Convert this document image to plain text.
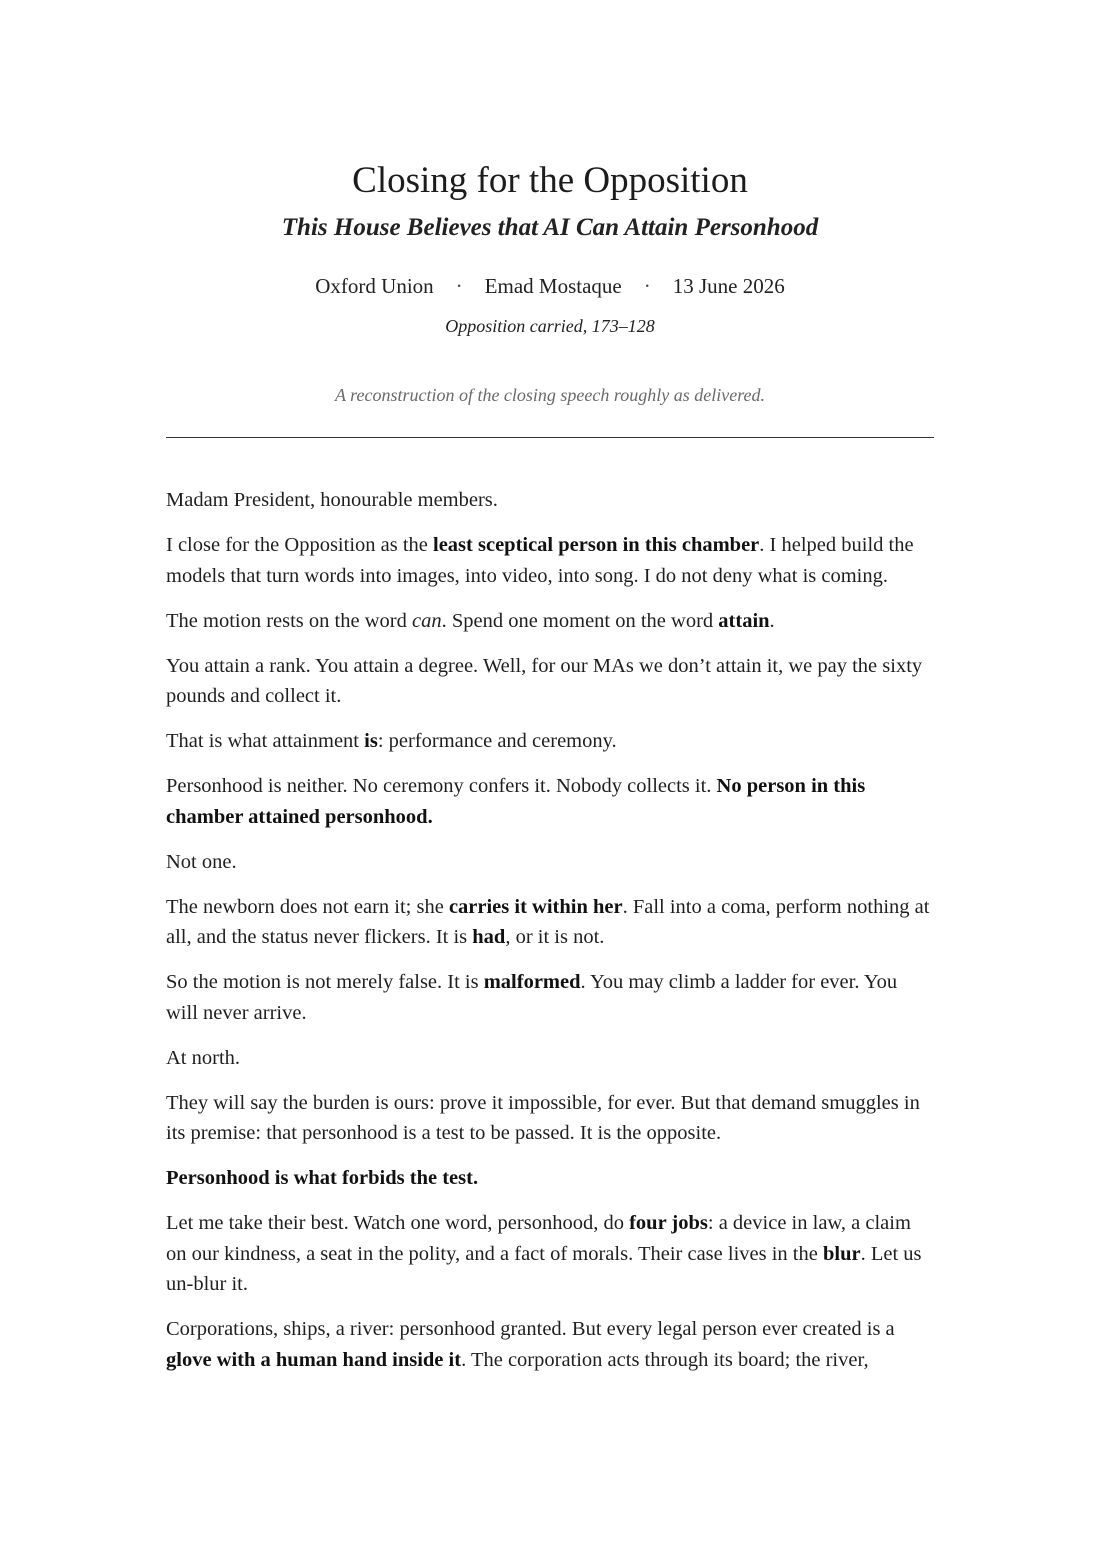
Closing for the Opposition
This House Believes that AI Can Attain Personhood
Oxford Union · Emad Mostaque · 13 June 2026
Opposition carried, 173–128
A reconstruction of the closing speech roughly as delivered.

Madam President, honourable members.

I close for the Opposition as the least sceptical person in this chamber. I helped build the models that turn words into images, into video, into song. I do not deny what is coming.

The motion rests on the word can. Spend one moment on the word attain.

You attain a rank. You attain a degree. Well, for our MAs we don’t attain it, we pay the sixty pounds and collect it.

That is what attainment is: performance and ceremony.

Personhood is neither. No ceremony confers it. Nobody collects it. No person in this chamber attained personhood.

Not one.

The newborn does not earn it; she carries it within her. Fall into a coma, perform nothing at all, and the status never flickers. It is had, or it is not.

So the motion is not merely false. It is malformed. You may climb a ladder for ever. You will never arrive.

At north.

They will say the burden is ours: prove it impossible, for ever. But that demand smuggles in its premise: that personhood is a test to be passed. It is the opposite.

Personhood is what forbids the test.

Let me take their best. Watch one word, personhood, do four jobs: a device in law, a claim on our kindness, a seat in the polity, and a fact of morals. Their case lives in the blur. Let us un-blur it.

Corporations, ships, a river: personhood granted. But every legal person ever created is a glove with a human hand inside it. The corporation acts through its board; the river,
